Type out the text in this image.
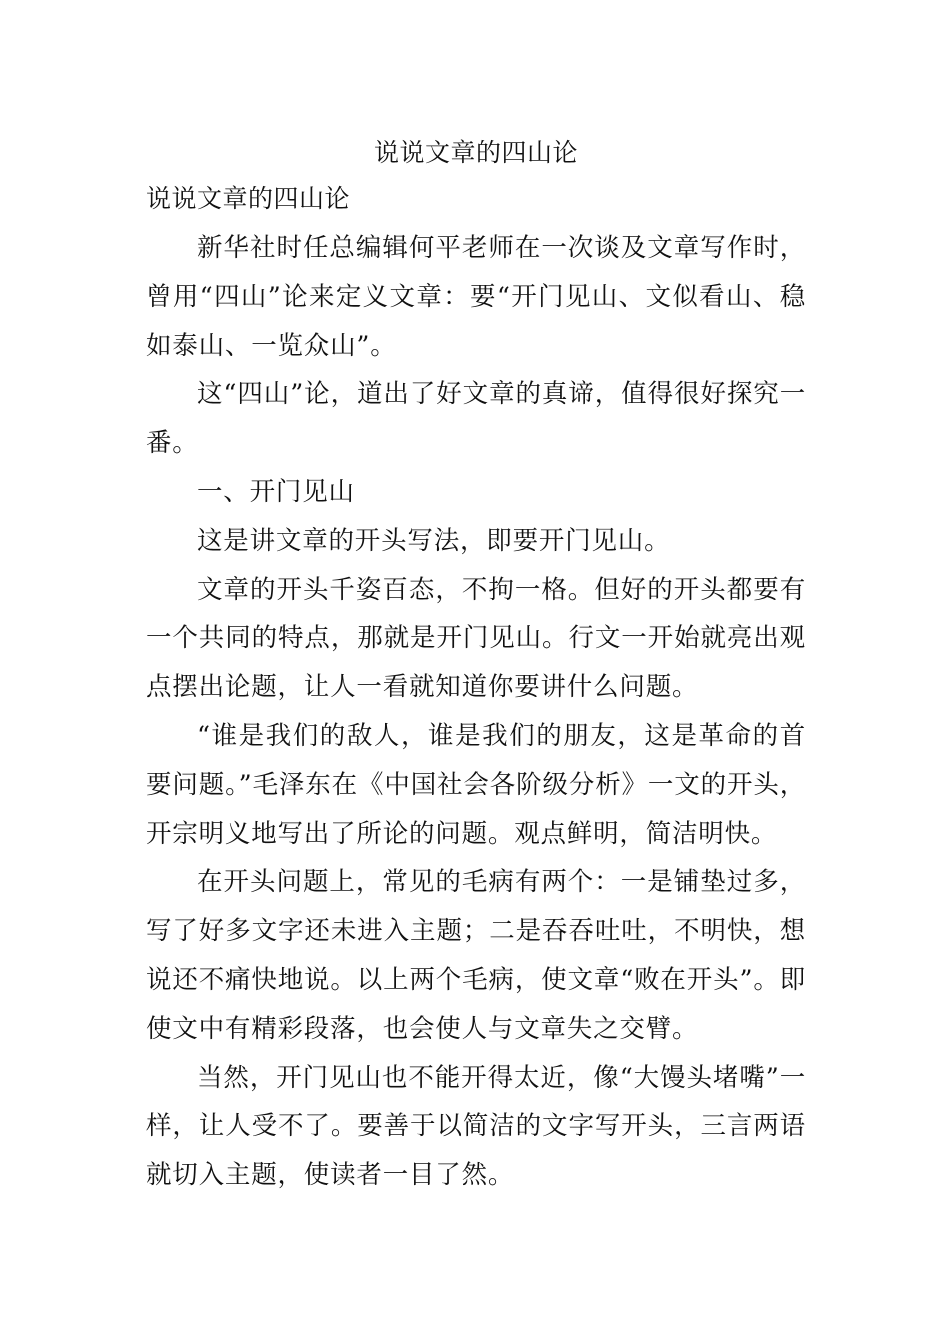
说说文章的四山论
说说文章的四山论

新华社时任总编辑何平老师在一次谈及文章写作时，曾用“四山”论来定义文章：要“开门见山、文似看山、稳如泰山、一览众山”。

这“四山”论，道出了好文章的真谛，值得很好探究一番。

一、开门见山

这是讲文章的开头写法，即要开门见山。

文章的开头千姿百态，不拘一格。但好的开头都要有一个共同的特点，那就是开门见山。行文一开始就亮出观点摆出论题，让人一看就知道你要讲什么问题。

“谁是我们的敌人，谁是我们的朋友，这是革命的首要问题。”毛泽东在《中国社会各阶级分析》一文的开头，开宗明义地写出了所论的问题。观点鲜明，简洁明快。

在开头问题上，常见的毛病有两个：一是铺垫过多，写了好多文字还未进入主题；二是吞吞吐吐，不明快，想说还不痛快地说。以上两个毛病，使文章“败在开头”。即使文中有精彩段落，也会使人与文章失之交臂。

当然，开门见山也不能开得太近，像“大馒头堵嘴”一样，让人受不了。要善于以简洁的文字写开头，三言两语就切入主题，使读者一目了然。
